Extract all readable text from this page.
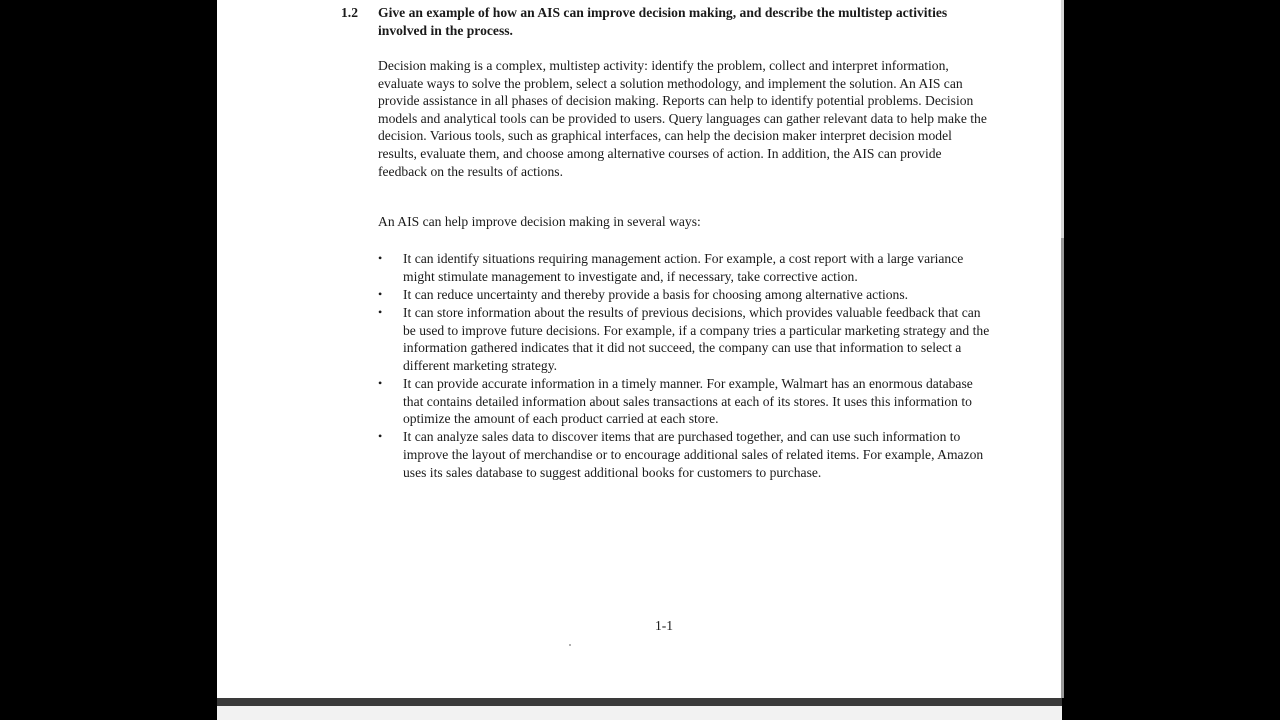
1.2 Give an example of how an AIS can improve decision making, and describe the multistep activities involved in the process.

Decision making is a complex, multistep activity: identify the problem, collect and interpret information, evaluate ways to solve the problem, select a solution methodology, and implement the solution. An AIS can provide assistance in all phases of decision making. Reports can help to identify potential problems. Decision models and analytical tools can be provided to users. Query languages can gather relevant data to help make the decision. Various tools, such as graphical interfaces, can help the decision maker interpret decision model results, evaluate them, and choose among alternative courses of action. In addition, the AIS can provide feedback on the results of actions.

An AIS can help improve decision making in several ways:

• It can identify situations requiring management action. For example, a cost report with a large variance might stimulate management to investigate and, if necessary, take corrective action.
• It can reduce uncertainty and thereby provide a basis for choosing among alternative actions.
• It can store information about the results of previous decisions, which provides valuable feedback that can be used to improve future decisions. For example, if a company tries a particular marketing strategy and the information gathered indicates that it did not succeed, the company can use that information to select a different marketing strategy.
• It can provide accurate information in a timely manner. For example, Walmart has an enormous database that contains detailed information about sales transactions at each of its stores. It uses this information to optimize the amount of each product carried at each store.
• It can analyze sales data to discover items that are purchased together, and can use such information to improve the layout of merchandise or to encourage additional sales of related items. For example, Amazon uses its sales database to suggest additional books for customers to purchase.
1-1
